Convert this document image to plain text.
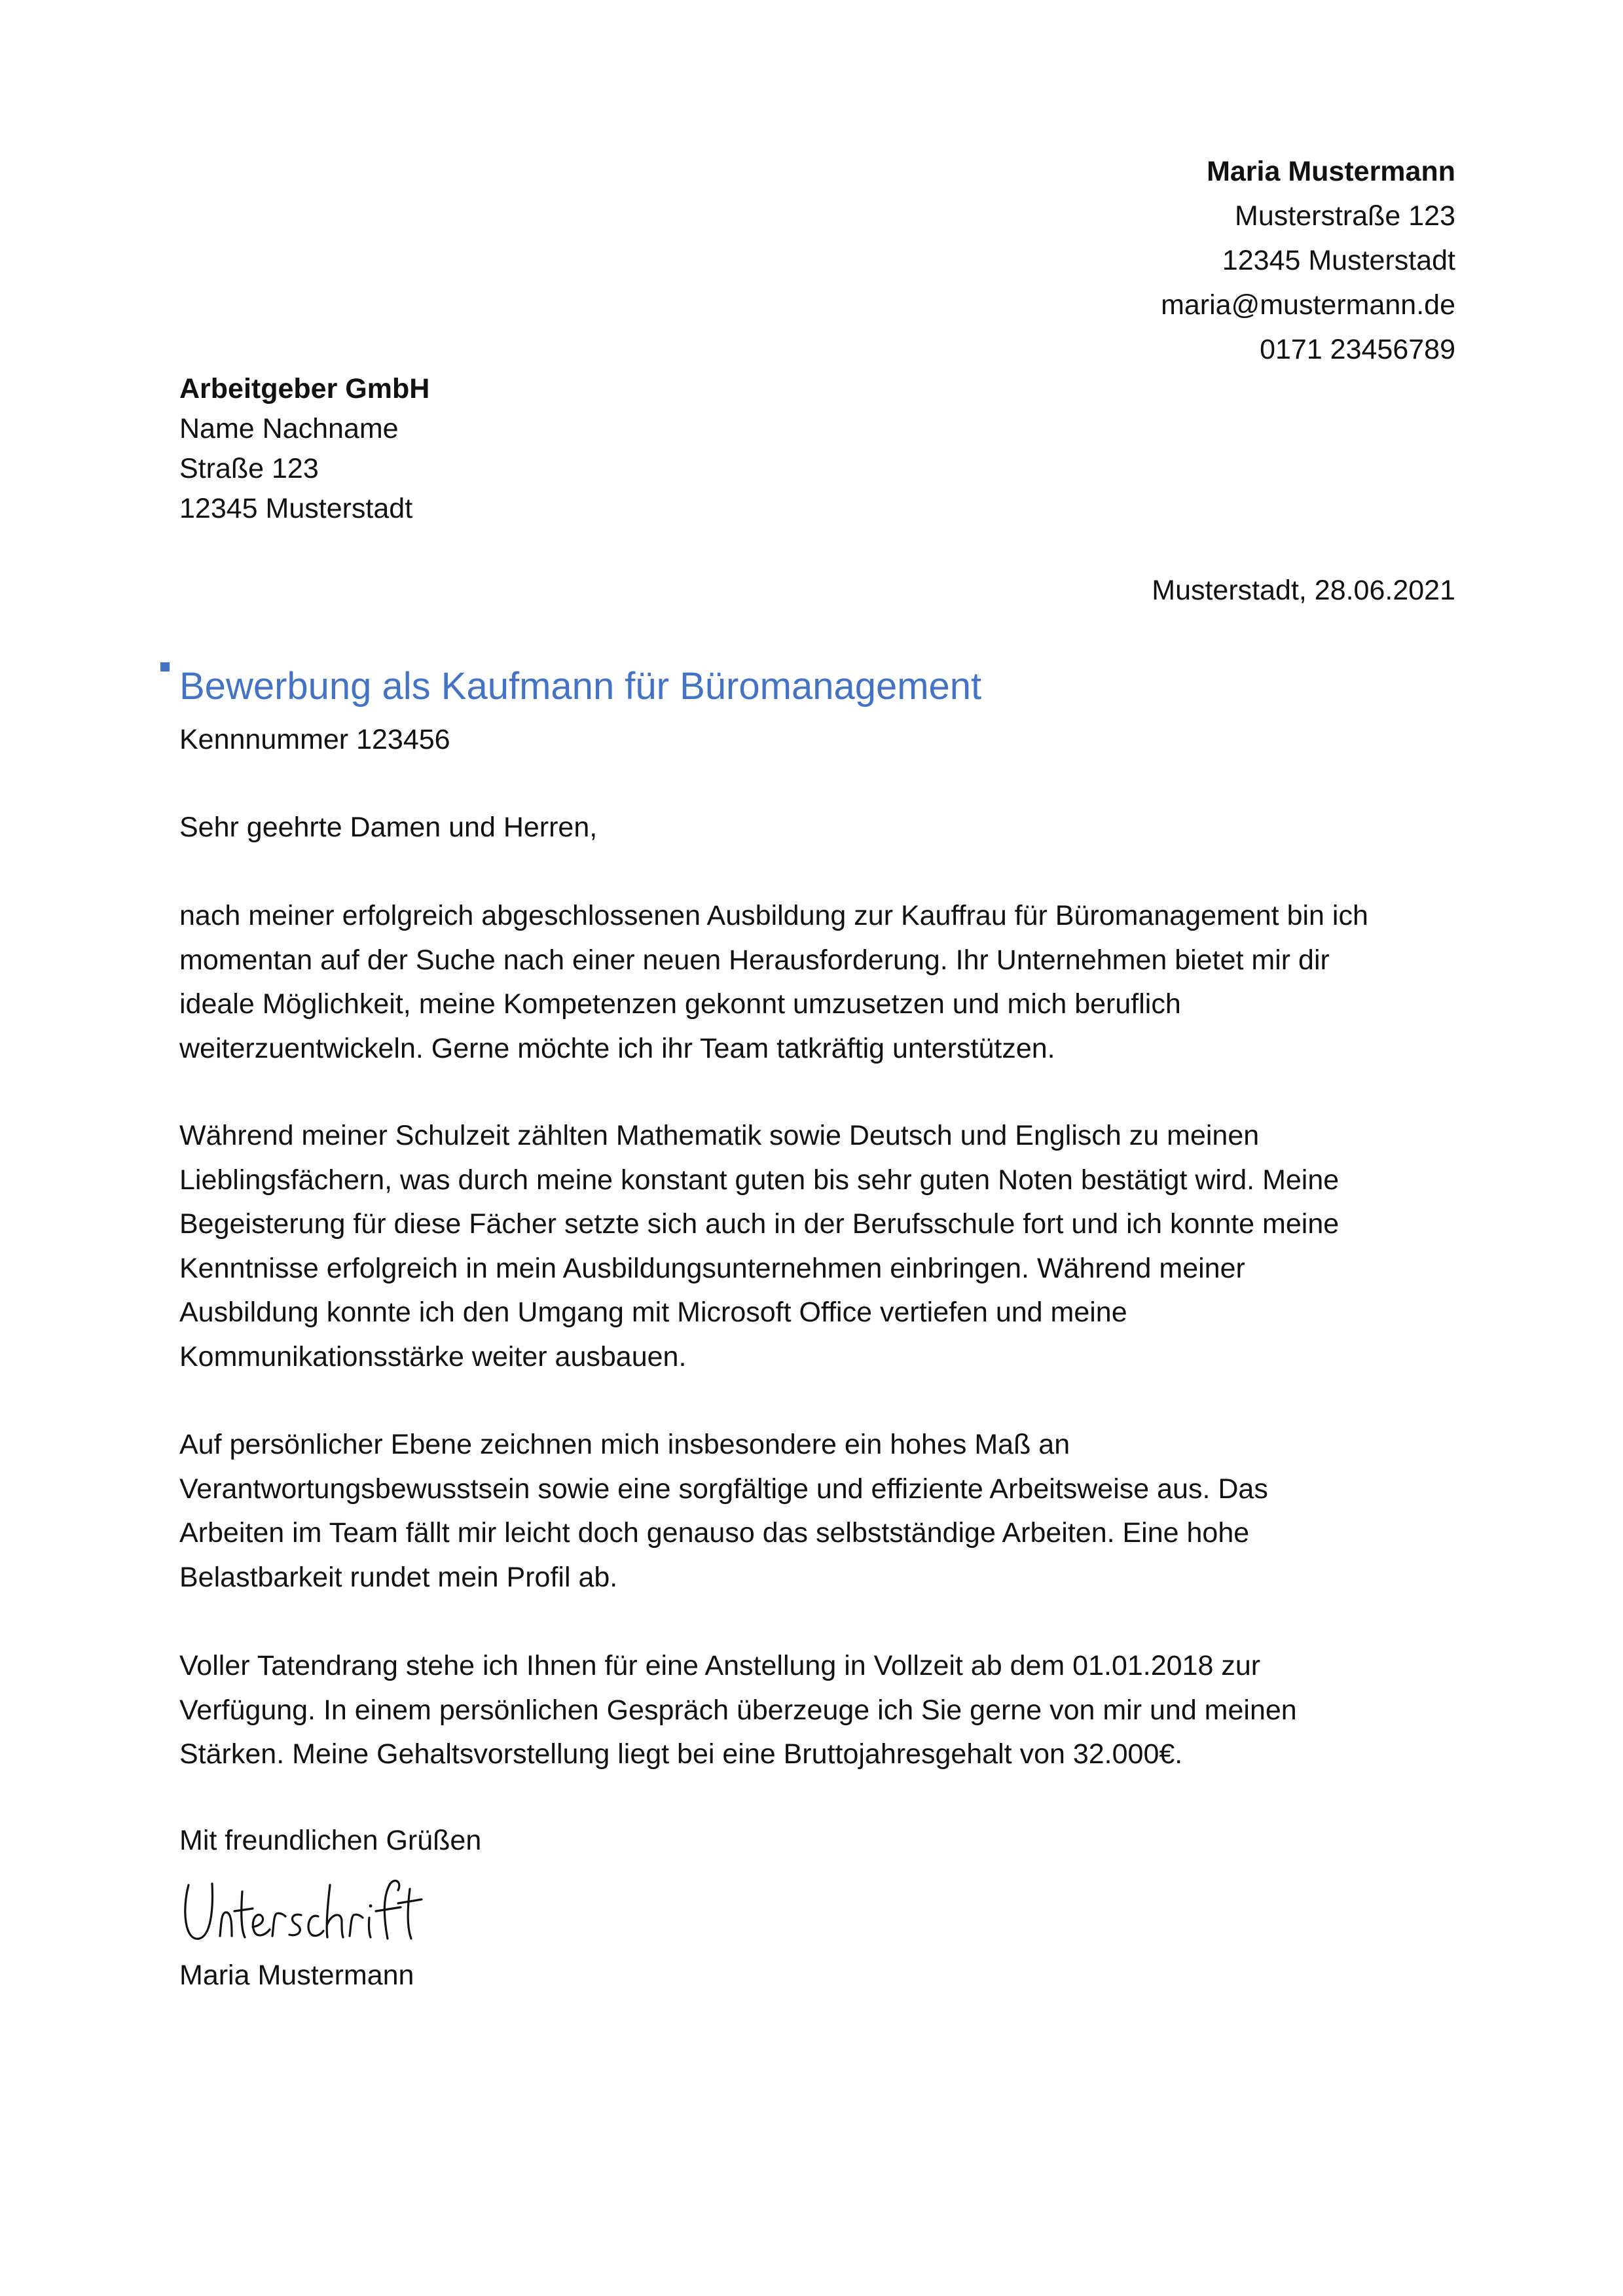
Maria Mustermann
Musterstraße 123
12345 Musterstadt
maria@mustermann.de
0171 23456789
Arbeitgeber GmbH
Name Nachname
Straße 123
12345 Musterstadt
Musterstadt, 28.06.2021
Bewerbung als Kaufmann für Büromanagement
Kennnummer 123456
Sehr geehrte Damen und Herren,
nach meiner erfolgreich abgeschlossenen Ausbildung zur Kauffrau für Büromanagement bin ich
momentan auf der Suche nach einer neuen Herausforderung. Ihr Unternehmen bietet mir dir
ideale Möglichkeit, meine Kompetenzen gekonnt umzusetzen und mich beruflich
weiterzuentwickeln. Gerne möchte ich ihr Team tatkräftig unterstützen.
Während meiner Schulzeit zählten Mathematik sowie Deutsch und Englisch zu meinen
Lieblingsfächern, was durch meine konstant guten bis sehr guten Noten bestätigt wird. Meine
Begeisterung für diese Fächer setzte sich auch in der Berufsschule fort und ich konnte meine
Kenntnisse erfolgreich in mein Ausbildungsunternehmen einbringen. Während meiner
Ausbildung konnte ich den Umgang mit Microsoft Office vertiefen und meine
Kommunikationsstärke weiter ausbauen.
Auf persönlicher Ebene zeichnen mich insbesondere ein hohes Maß an
Verantwortungsbewusstsein sowie eine sorgfältige und effiziente Arbeitsweise aus. Das
Arbeiten im Team fällt mir leicht doch genauso das selbstständige Arbeiten. Eine hohe
Belastbarkeit rundet mein Profil ab.
Voller Tatendrang stehe ich Ihnen für eine Anstellung in Vollzeit ab dem 01.01.2018 zur
Verfügung. In einem persönlichen Gespräch überzeuge ich Sie gerne von mir und meinen
Stärken. Meine Gehaltsvorstellung liegt bei eine Bruttojahresgehalt von 32.000€.
Mit freundlichen Grüßen
Maria Mustermann
